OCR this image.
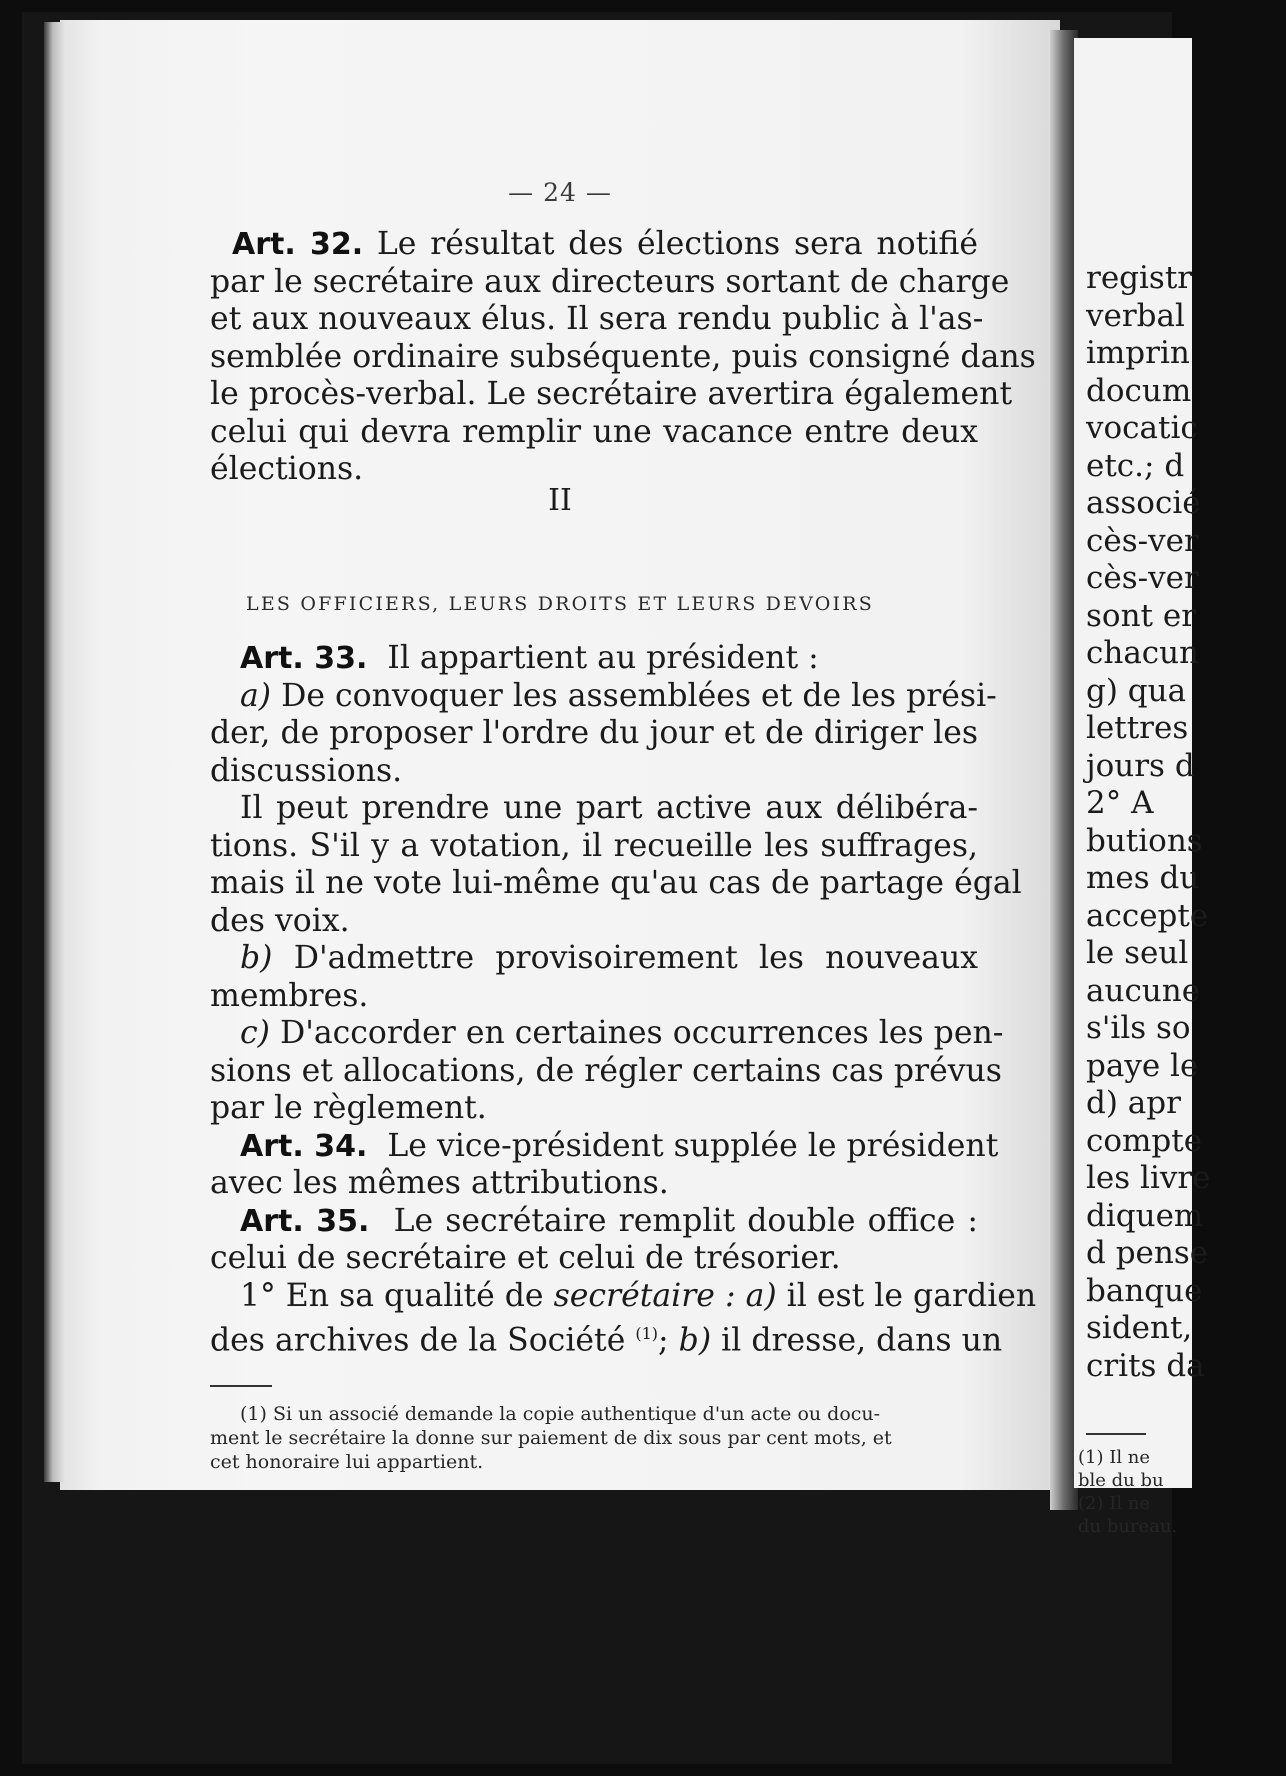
— 24 —
Art. 32. Le résultat des élections sera notifié
par le secrétaire aux directeurs sortant de charge
et aux nouveaux élus. Il sera rendu public à l'as-
semblée ordinaire subséquente, puis consigné dans
le procès-verbal. Le secrétaire avertira également
celui qui devra remplir une vacance entre deux
élections.
II
LES OFFICIERS, LEURS DROITS ET LEURS DEVOIRS
Art. 33. Il appartient au président :
a) De convoquer les assemblées et de les prési-
der, de proposer l'ordre du jour et de diriger les
discussions.
Il peut prendre une part active aux délibéra-
tions. S'il y a votation, il recueille les suffrages,
mais il ne vote lui-même qu'au cas de partage égal
des voix.
b) D'admettre provisoirement les nouveaux
membres.
c) D'accorder en certaines occurrences les pen-
sions et allocations, de régler certains cas prévus
par le règlement.
Art. 34. Le vice-président supplée le président
avec les mêmes attributions.
Art. 35. Le secrétaire remplit double office :
celui de secrétaire et celui de trésorier.
1° En sa qualité de secrétaire : a) il est le gardien
des archives de la Société $^{(1)}$; b) il dresse, dans un
(1) Si un associé demande la copie authentique d'un acte ou docu-
ment le secrétaire la donne sur paiement de dix sous par cent mots, et
cet honoraire lui appartient.
registr
verbal
imprin
docum
vocatic
etc.; d
associé
cès-ver
cès-ver
sont er
chacun
g) qua
lettres
jours d
2° A
butions
mes du
accepte
le seul
aucune
s'ils so
paye le
d) apr
compte
les livre
diquem
d pense
banque
sident,
crits da
(1) Il ne
ble du bu
(2) Il ne
du bureau.
